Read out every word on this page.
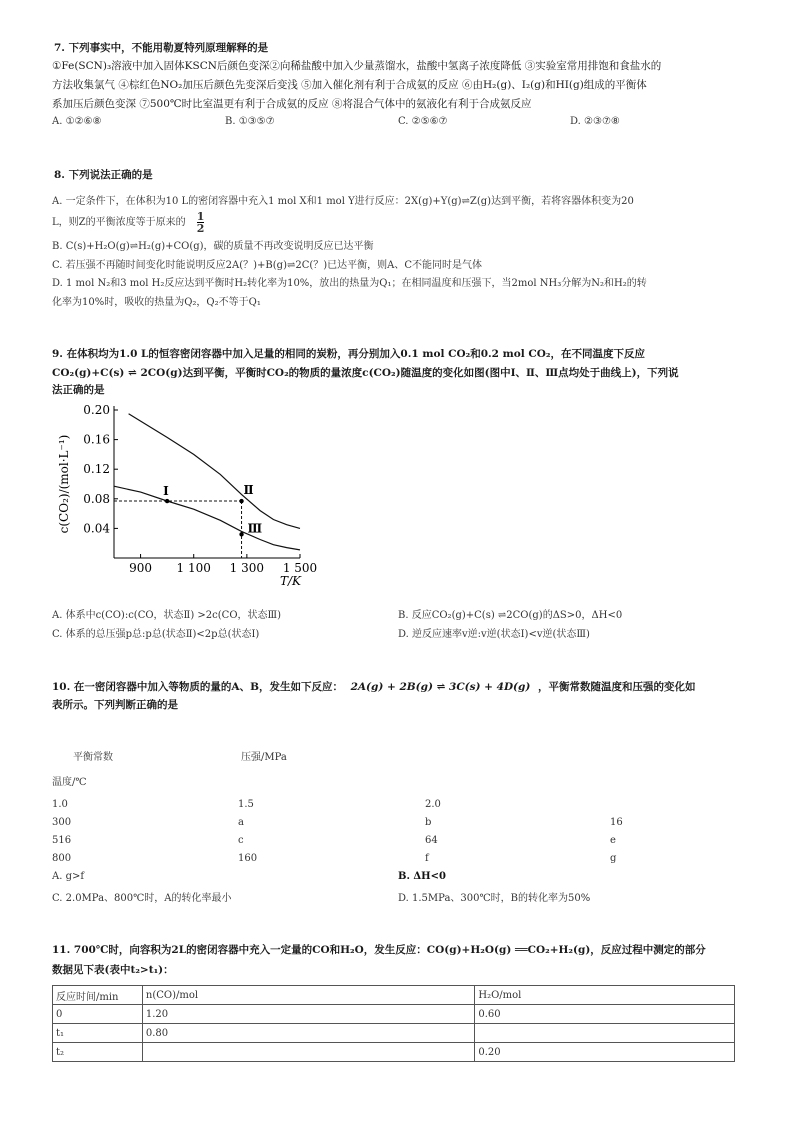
7. 下列事实中，不能用勒夏特列原理解释的是
①Fe(SCN)₃溶液中加入固体KSCN后颜色变深②向稀盐酸中加入少量蒸馏水，盐酸中氢离子浓度降低 ③实验室常用排饱和食盐水的
方法收集氯气 ④棕红色NO₂加压后颜色先变深后变浅 ⑤加入催化剂有利于合成氨的反应 ⑥由H₂(g)、I₂(g)和HI(g)组成的平衡体
系加压后颜色变深 ⑦500℃时比室温更有利于合成氨的反应 ⑧将混合气体中的氨液化有利于合成氨反应
A. ①②⑥⑧	B. ①③⑤⑦	C. ②⑤⑥⑦	D. ②③⑦⑧
8. 下列说法正确的是
A. 一定条件下，在体积为10 L的密闭容器中充入1 mol X和1 mol Y进行反应：2X(g)+Y(g)⇌Z(g)达到平衡，若将容器体积变为20
L，则Z的平衡浓度等于原来的 $\frac{1}{2}$
B. C(s)+H₂O(g)⇌H₂(g)+CO(g)，碳的质量不再改变说明反应已达平衡
C. 若压强不再随时间变化时能说明反应2A(？)+B(g)⇌2C(？)已达平衡，则A、C不能同时是气体
D. 1 mol N₂和3 mol H₂反应达到平衡时H₂转化率为10%，放出的热量为Q₁；在相同温度和压强下，当2mol NH₃分解为N₂和H₂的转
化率为10%时，吸收的热量为Q₂，Q₂不等于Q₁
9. 在体积均为1.0 L的恒容密闭容器中加入足量的相同的炭粉，再分别加入0.1 mol CO₂和0.2 mol CO₂，在不同温度下反应
CO₂(g)+C(s) ⇌ 2CO(g)达到平衡，平衡时CO₂的物质的量浓度c(CO₂)随温度的变化如图(图中Ⅰ、Ⅱ、Ⅲ点均处于曲线上)，下列说
法正确的是
0.04
0.08
0.12
0.16
0.20
900 1 100 1 300 1 500
T/K
c(CO₂)/(mol·L⁻¹)	Ⅰ	Ⅱ
Ⅲ
A. 体系中c(CO):c(CO，状态Ⅱ) >2c(CO，状态Ⅲ)	B. 反应CO₂(g)+C(s) ⇌2CO(g)的ΔS>0，ΔH<0
C. 体系的总压强p总:p总(状态Ⅱ)<2p总(状态Ⅰ)	D. 逆反应速率v逆:v逆(状态Ⅰ)<v逆(状态Ⅲ)
10. 在一密闭容器中加入等物质的量的A、B，发生如下反应： 2A(g) + 2B(g) ⇌ 3C(s) + 4D(g) ，平衡常数随温度和压强的变化如
表所示。下列判断正确的是
平衡常数	压强/MPa
温度/℃
1.0	1.5	2.0
300	a	b	16
516	c	64	e
800	160	f	g
A. g>f	B. ΔH<0
C. 2.0MPa、800℃时，A的转化率最小	D. 1.5MPa、300℃时，B的转化率为50%
11. 700℃时，向容积为2L的密闭容器中充入一定量的CO和H₂O，发生反应：CO(g)+H₂O(g) ══CO₂+H₂(g)，反应过程中测定的部分
数据见下表(表中t₂>t₁)：
反应时间/min	n(CO)/mol	H₂O/mol
0	1.20	0.60
t₁	0.80	
t₂		0.20
